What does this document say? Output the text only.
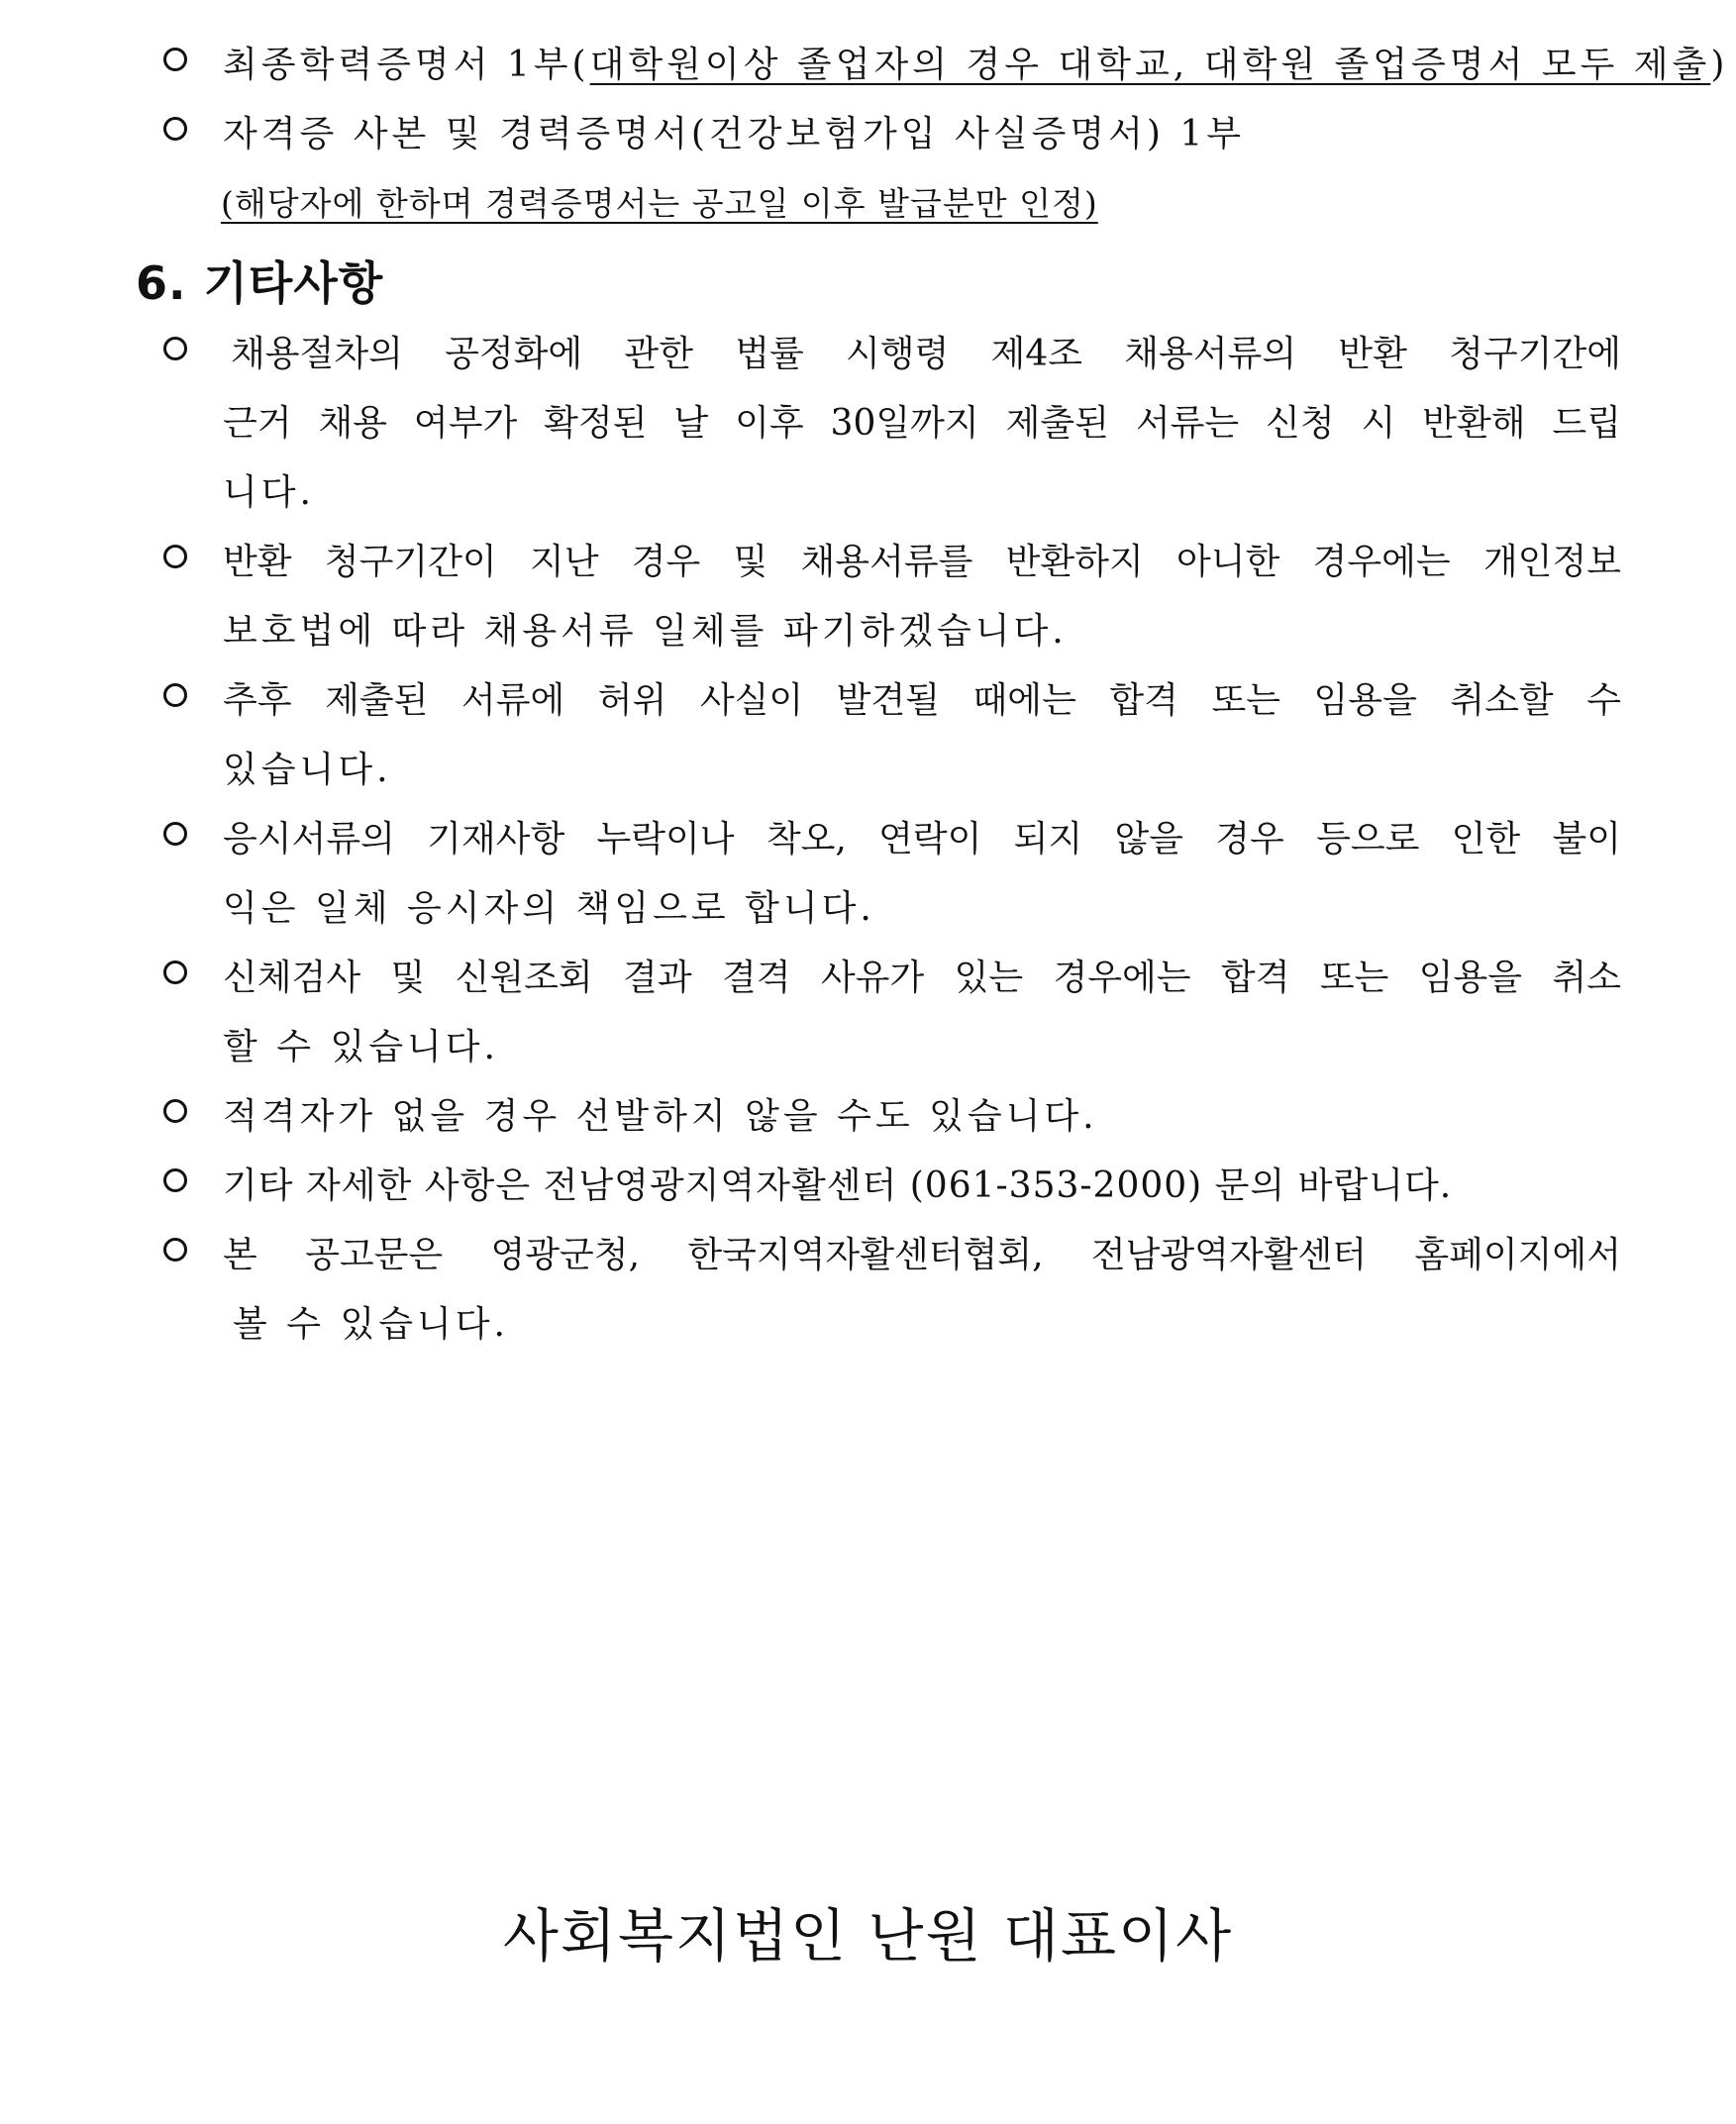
최종학력증명서 1부(대학원이상 졸업자의 경우 대학교, 대학원 졸업증명서 모두 제출)
자격증 사본 및 경력증명서(건강보험가입 사실증명서) 1부
(해당자에 한하며 경력증명서는 공고일 이후 발급분만 인정)
6. 기타사항
채용절차의 공정화에 관한 법률 시행령 제4조 채용서류의 반환 청구기간에
근거 채용 여부가 확정된 날 이후 30일까지 제출된 서류는 신청 시 반환해 드립
니다.
반환 청구기간이 지난 경우 및 채용서류를 반환하지 아니한 경우에는 개인정보
보호법에 따라 채용서류 일체를 파기하겠습니다.
추후 제출된 서류에 허위 사실이 발견될 때에는 합격 또는 임용을 취소할 수
있습니다.
응시서류의 기재사항 누락이나 착오, 연락이 되지 않을 경우 등으로 인한 불이
익은 일체 응시자의 책임으로 합니다.
신체검사 및 신원조회 결과 결격 사유가 있는 경우에는 합격 또는 임용을 취소
할 수 있습니다.
적격자가 없을 경우 선발하지 않을 수도 있습니다.
기타 자세한 사항은 전남영광지역자활센터 (061-353-2000) 문의 바랍니다.
본 공고문은 영광군청, 한국지역자활센터협회, 전남광역자활센터 홈페이지에서
볼 수 있습니다.
사회복지법인 난원 대표이사
